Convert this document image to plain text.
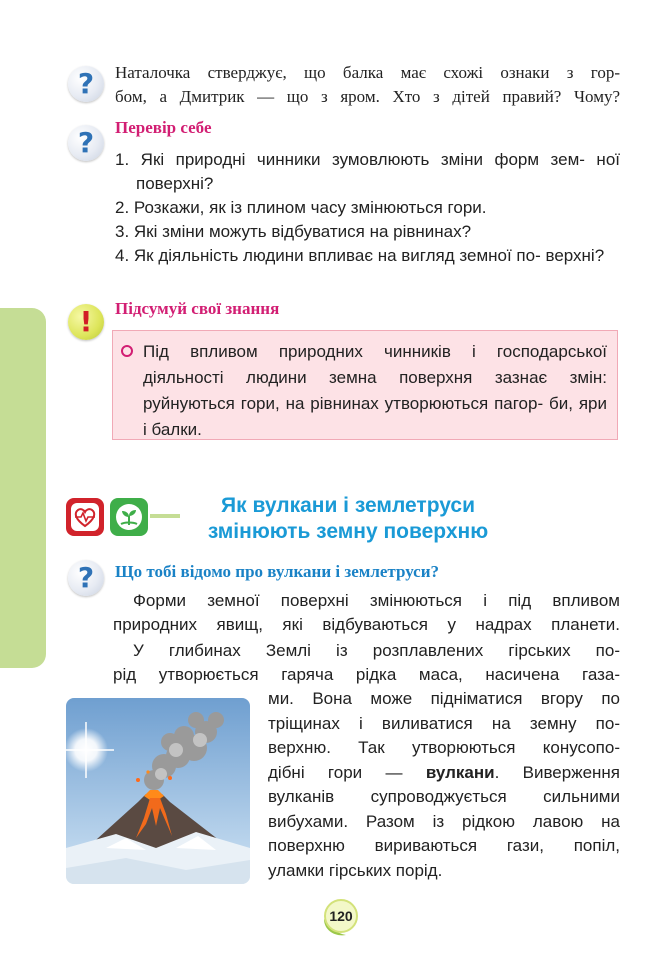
?	Наталочка стверджує, що балка має схожі ознаки з гор-
бом, а Дмитрик — що з яром. Хто з дітей правий? Чому?
?	Перевір себе
1. Які природні чинники зумовлюють зміни форм зем- ної поверхні?
2. Розкажи, як із плином часу змінюються гори.
3. Які зміни можуть відбуватися на рівнинах?
4. Як діяльність людини впливає на вигляд земної по- верхні?
!	Підсумуй свої знання
Під впливом природних чинників і господарської діяльності людини земна поверхня зазнає змін: руйнуються гори, на рівнинах утворюються пагор- би, яри і балки.
Як вулкани і землетруси
змінюють земну поверхню
?	Що тобі відомо про вулкани і землетруси?
Форми земної поверхні змінюються і під впливом
природних явищ, які відбуваються у надрах планети.
У глибинах Землі із розплавлених гірських по-
рід утворюється гаряча рідка маса, насичена газа-
ми. Вона може підніматися вгору по
тріщинах і виливатися на земну по-
верхню. Так утворюються конусопо-
дібні гори — вулкани. Виверження
вулканів супроводжується сильними
вибухами. Разом із рідкою лавою на
поверхню вириваються гази, попіл,
уламки гірських порід.
120
